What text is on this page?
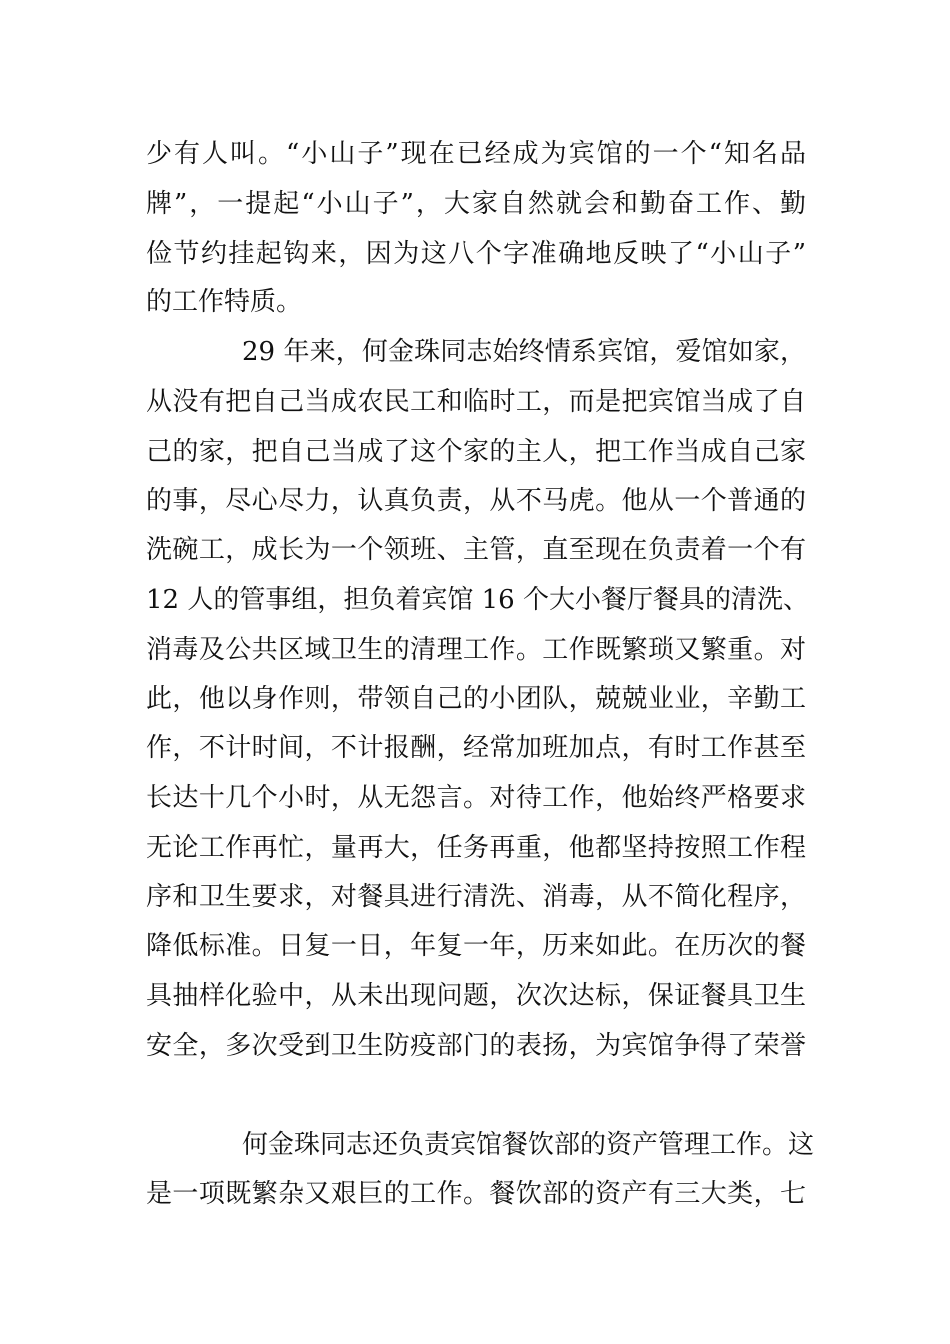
少有人叫。“小山子”现在已经成为宾馆的一个“知名品
牌”，一提起“小山子”，大家自然就会和勤奋工作、勤
俭节约挂起钩来，因为这八个字准确地反映了“小山子”
的工作特质。
29 年来，何金珠同志始终情系宾馆，爱馆如家，
从没有把自己当成农民工和临时工，而是把宾馆当成了自
己的家，把自己当成了这个家的主人，把工作当成自己家
的事，尽心尽力，认真负责，从不马虎。他从一个普通的
洗碗工，成长为一个领班、主管，直至现在负责着一个有
12 人的管事组，担负着宾馆 16 个大小餐厅餐具的清洗、
消毒及公共区域卫生的清理工作。工作既繁琐又繁重。对
此，他以身作则，带领自己的小团队，兢兢业业，辛勤工
作，不计时间，不计报酬，经常加班加点，有时工作甚至
长达十几个小时，从无怨言。对待工作，他始终严格要求
无论工作再忙，量再大，任务再重，他都坚持按照工作程
序和卫生要求，对餐具进行清洗、消毒，从不简化程序，
降低标准。日复一日，年复一年，历来如此。在历次的餐
具抽样化验中，从未出现问题，次次达标，保证餐具卫生
安全，多次受到卫生防疫部门的表扬，为宾馆争得了荣誉
何金珠同志还负责宾馆餐饮部的资产管理工作。这
是一项既繁杂又艰巨的工作。餐饮部的资产有三大类，七
